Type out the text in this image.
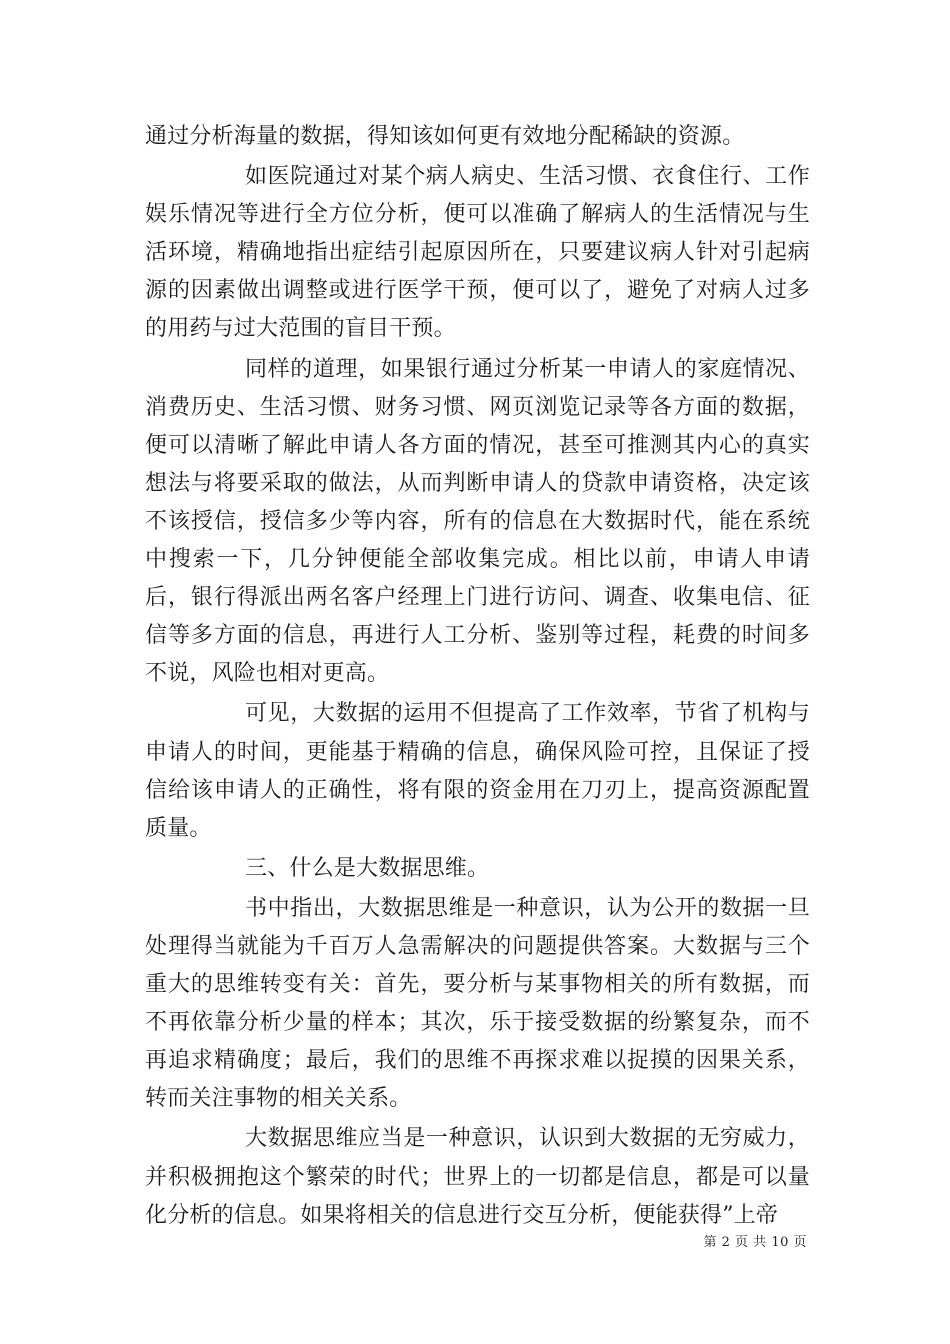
通过分析海量的数据，得知该如何更有效地分配稀缺的资源。

如医院通过对某个病人病史、生活习惯、衣食住行、工作娱乐情况等进行全方位分析，便可以准确了解病人的生活情况与生活环境，精确地指出症结引起原因所在，只要建议病人针对引起病源的因素做出调整或进行医学干预，便可以了，避免了对病人过多的用药与过大范围的盲目干预。

同样的道理，如果银行通过分析某一申请人的家庭情况、消费历史、生活习惯、财务习惯、网页浏览记录等各方面的数据，便可以清晰了解此申请人各方面的情况，甚至可推测其内心的真实想法与将要采取的做法，从而判断申请人的贷款申请资格，决定该不该授信，授信多少等内容，所有的信息在大数据时代，能在系统中搜索一下，几分钟便能全部收集完成。相比以前，申请人申请后，银行得派出两名客户经理上门进行访问、调查、收集电信、征信等多方面的信息，再进行人工分析、鉴别等过程，耗费的时间多不说，风险也相对更高。

可见，大数据的运用不但提高了工作效率，节省了机构与申请人的时间，更能基于精确的信息，确保风险可控，且保证了授信给该申请人的正确性，将有限的资金用在刀刃上，提高资源配置质量。

三、什么是大数据思维。

书中指出，大数据思维是一种意识，认为公开的数据一旦处理得当就能为千百万人急需解决的问题提供答案。大数据与三个重大的思维转变有关：首先，要分析与某事物相关的所有数据，而不再依靠分析少量的样本；其次，乐于接受数据的纷繁复杂，而不再追求精确度；最后，我们的思维不再探求难以捉摸的因果关系，转而关注事物的相关关系。

大数据思维应当是一种意识，认识到大数据的无穷威力，并积极拥抱这个繁荣的时代；世界上的一切都是信息，都是可以量化分析的信息。如果将相关的信息进行交互分析，便能获得”上帝

第 2 页 共 10 页
